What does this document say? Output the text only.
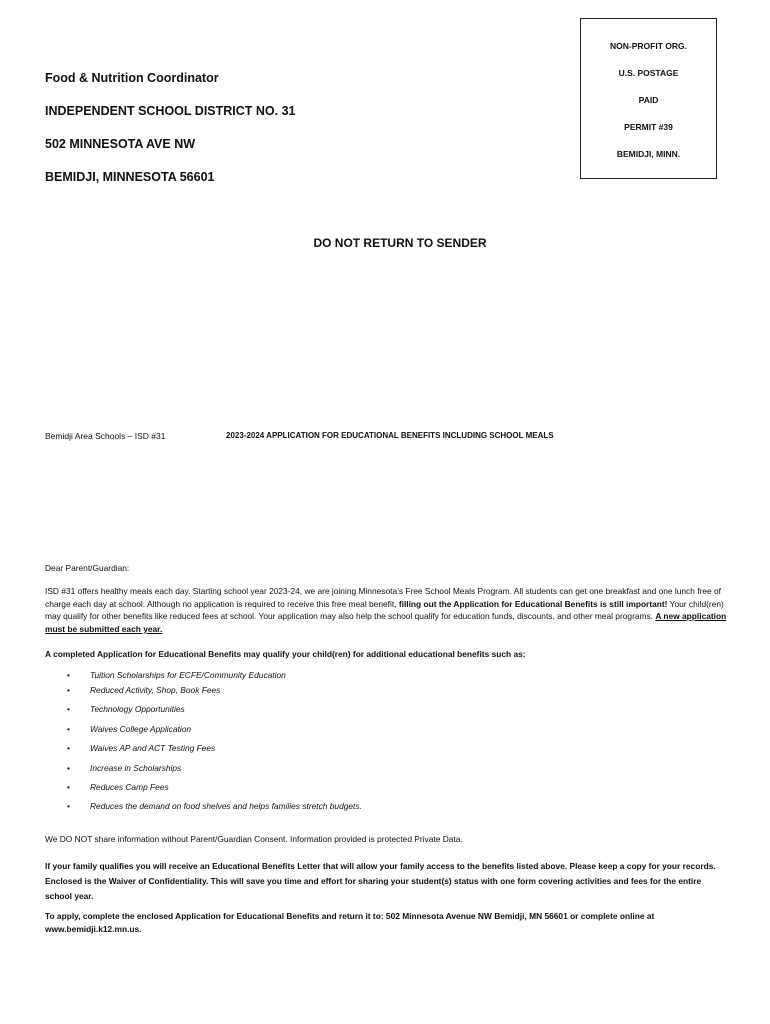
Food & Nutrition Coordinator
INDEPENDENT SCHOOL DISTRICT NO. 31
502 MINNESOTA AVE NW
BEMIDJI, MINNESOTA 56601
NON-PROFIT ORG.
U.S. POSTAGE
PAID
PERMIT #39
BEMIDJI, MINN.
DO NOT RETURN TO SENDER
Bemidji Area Schools – ISD #31	2023-2024 APPLICATION FOR EDUCATIONAL BENEFITS INCLUDING SCHOOL MEALS
Dear Parent/Guardian:
ISD #31 offers healthy meals each day. Starting school year 2023-24, we are joining Minnesota’s Free School Meals Program. All students can get one breakfast and one lunch free of charge each day at school. Although no application is required to receive this free meal benefit, filling out the Application for Educational Benefits is still important! Your child(ren) may qualify for other benefits like reduced fees at school. Your application may also help the school qualify for education funds, discounts, and other meal programs. A new application must be submitted each year.
A completed Application for Educational Benefits may qualify your child(ren) for additional educational benefits such as:
• Tuition Scholarships for ECFE/Community Education
• Reduced Activity, Shop, Book Fees
• Technology Opportunities
• Waives College Application
• Waives AP and ACT Testing Fees
• Increase in Scholarships
• Reduces Camp Fees
• Reduces the demand on food shelves and helps families stretch budgets.
We DO NOT share information without Parent/Guardian Consent. Information provided is protected Private Data.
If your family qualifies you will receive an Educational Benefits Letter that will allow your family access to the benefits listed above. Please keep a copy for your records. Enclosed is the Waiver of Confidentiality. This will save you time and effort for sharing your student(s) status with one form covering activities and fees for the entire school year.
To apply, complete the enclosed Application for Educational Benefits and return it to: 502 Minnesota Avenue NW Bemidji, MN 56601 or complete online at www.bemidji.k12.mn.us.
